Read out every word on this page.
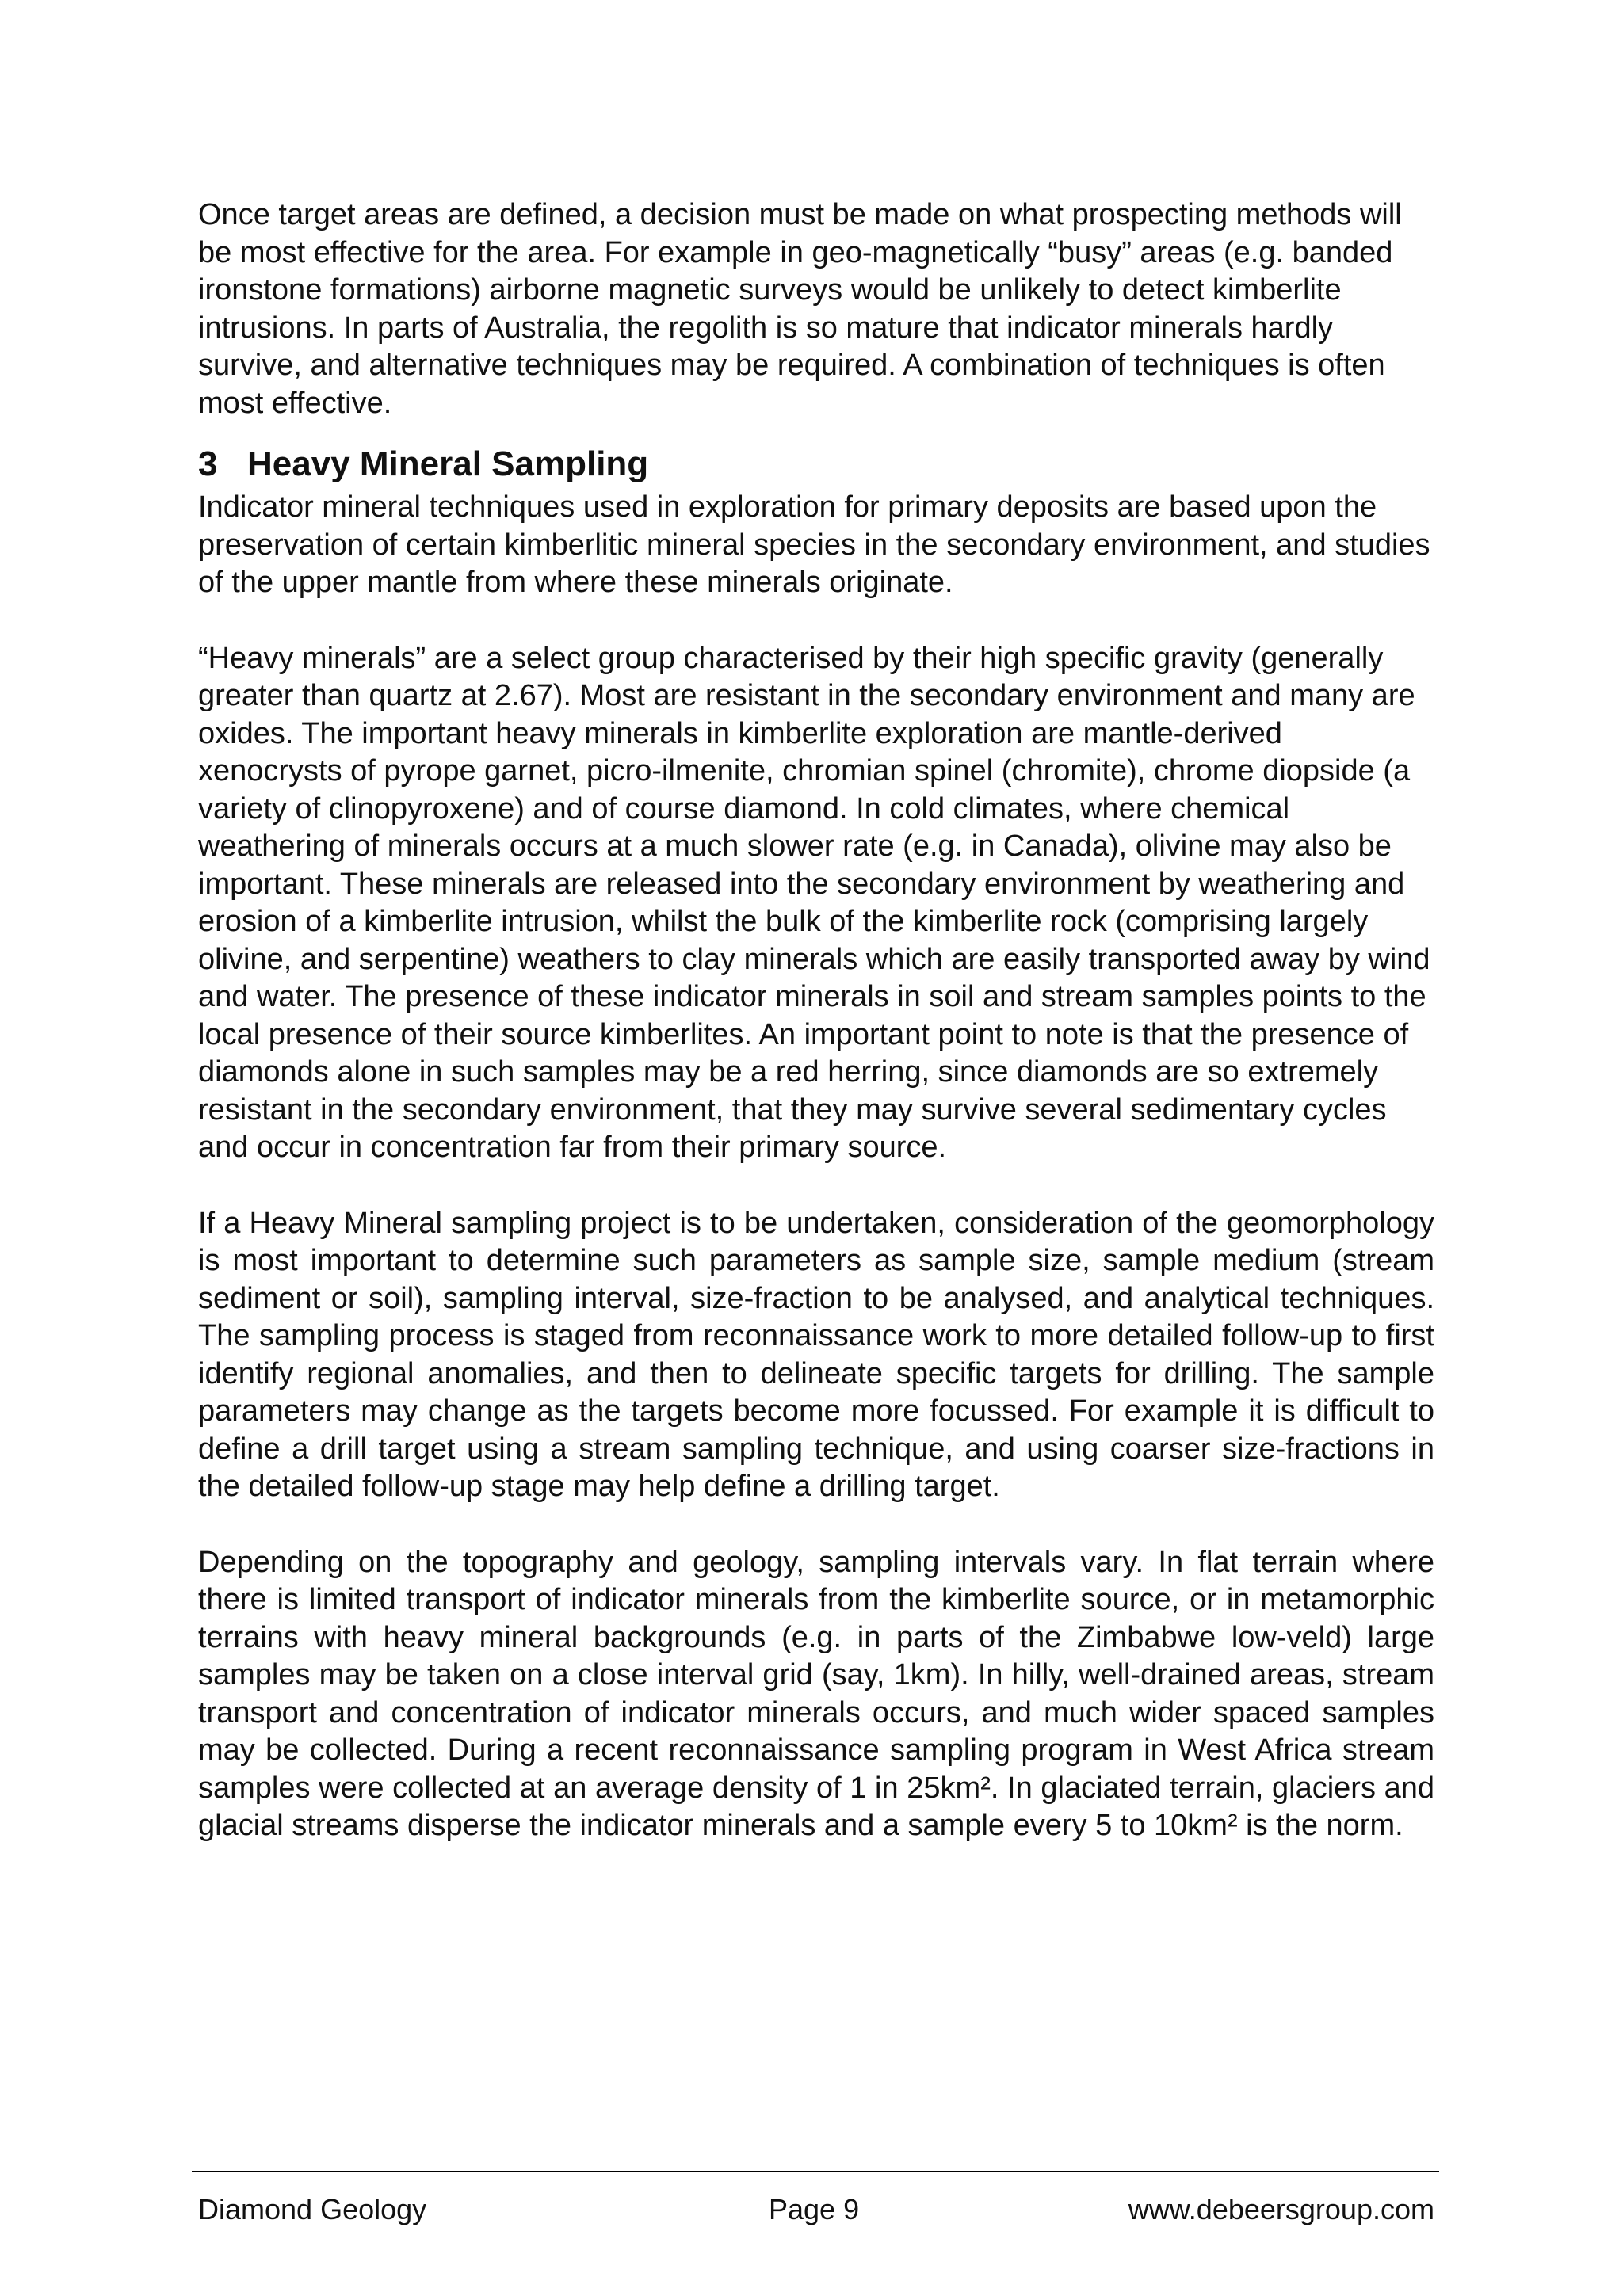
Once target areas are defined, a decision must be made on what prospecting methods will be most effective for the area. For example in geo-magnetically “busy” areas (e.g. banded ironstone formations) airborne magnetic surveys would be unlikely to detect kimberlite intrusions. In parts of Australia, the regolith is so mature that indicator minerals hardly survive, and alternative techniques may be required. A combination of techniques is often most effective.

3 Heavy Mineral Sampling

Indicator mineral techniques used in exploration for primary deposits are based upon the preservation of certain kimberlitic mineral species in the secondary environment, and studies of the upper mantle from where these minerals originate.

“Heavy minerals” are a select group characterised by their high specific gravity (generally greater than quartz at 2.67). Most are resistant in the secondary environment and many are oxides. The important heavy minerals in kimberlite exploration are mantle-derived xenocrysts of pyrope garnet, picro-ilmenite, chromian spinel (chromite), chrome diopside (a variety of clinopyroxene) and of course diamond. In cold climates, where chemical weathering of minerals occurs at a much slower rate (e.g. in Canada), olivine may also be important. These minerals are released into the secondary environment by weathering and erosion of a kimberlite intrusion, whilst the bulk of the kimberlite rock (comprising largely olivine, and serpentine) weathers to clay minerals which are easily transported away by wind and water. The presence of these indicator minerals in soil and stream samples points to the local presence of their source kimberlites. An important point to note is that the presence of diamonds alone in such samples may be a red herring, since diamonds are so extremely resistant in the secondary environment, that they may survive several sedimentary cycles and occur in concentration far from their primary source.

If a Heavy Mineral sampling project is to be undertaken, consideration of the geomorphology is most important to determine such parameters as sample size, sample medium (stream sediment or soil), sampling interval, size-fraction to be analysed, and analytical techniques. The sampling process is staged from reconnaissance work to more detailed follow-up to first identify regional anomalies, and then to delineate specific targets for drilling. The sample parameters may change as the targets become more focussed. For example it is difficult to define a drill target using a stream sampling technique, and using coarser size-fractions in the detailed follow-up stage may help define a drilling target.

Depending on the topography and geology, sampling intervals vary. In flat terrain where there is limited transport of indicator minerals from the kimberlite source, or in metamorphic terrains with heavy mineral backgrounds (e.g. in parts of the Zimbabwe low-veld) large samples may be taken on a close interval grid (say, 1km). In hilly, well-drained areas, stream transport and concentration of indicator minerals occurs, and much wider spaced samples may be collected. During a recent reconnaissance sampling program in West Africa stream samples were collected at an average density of 1 in 25km². In glaciated terrain, glaciers and glacial streams disperse the indicator minerals and a sample every 5 to 10km² is the norm.

Diamond Geology	Page 9	www.debeersgroup.com
